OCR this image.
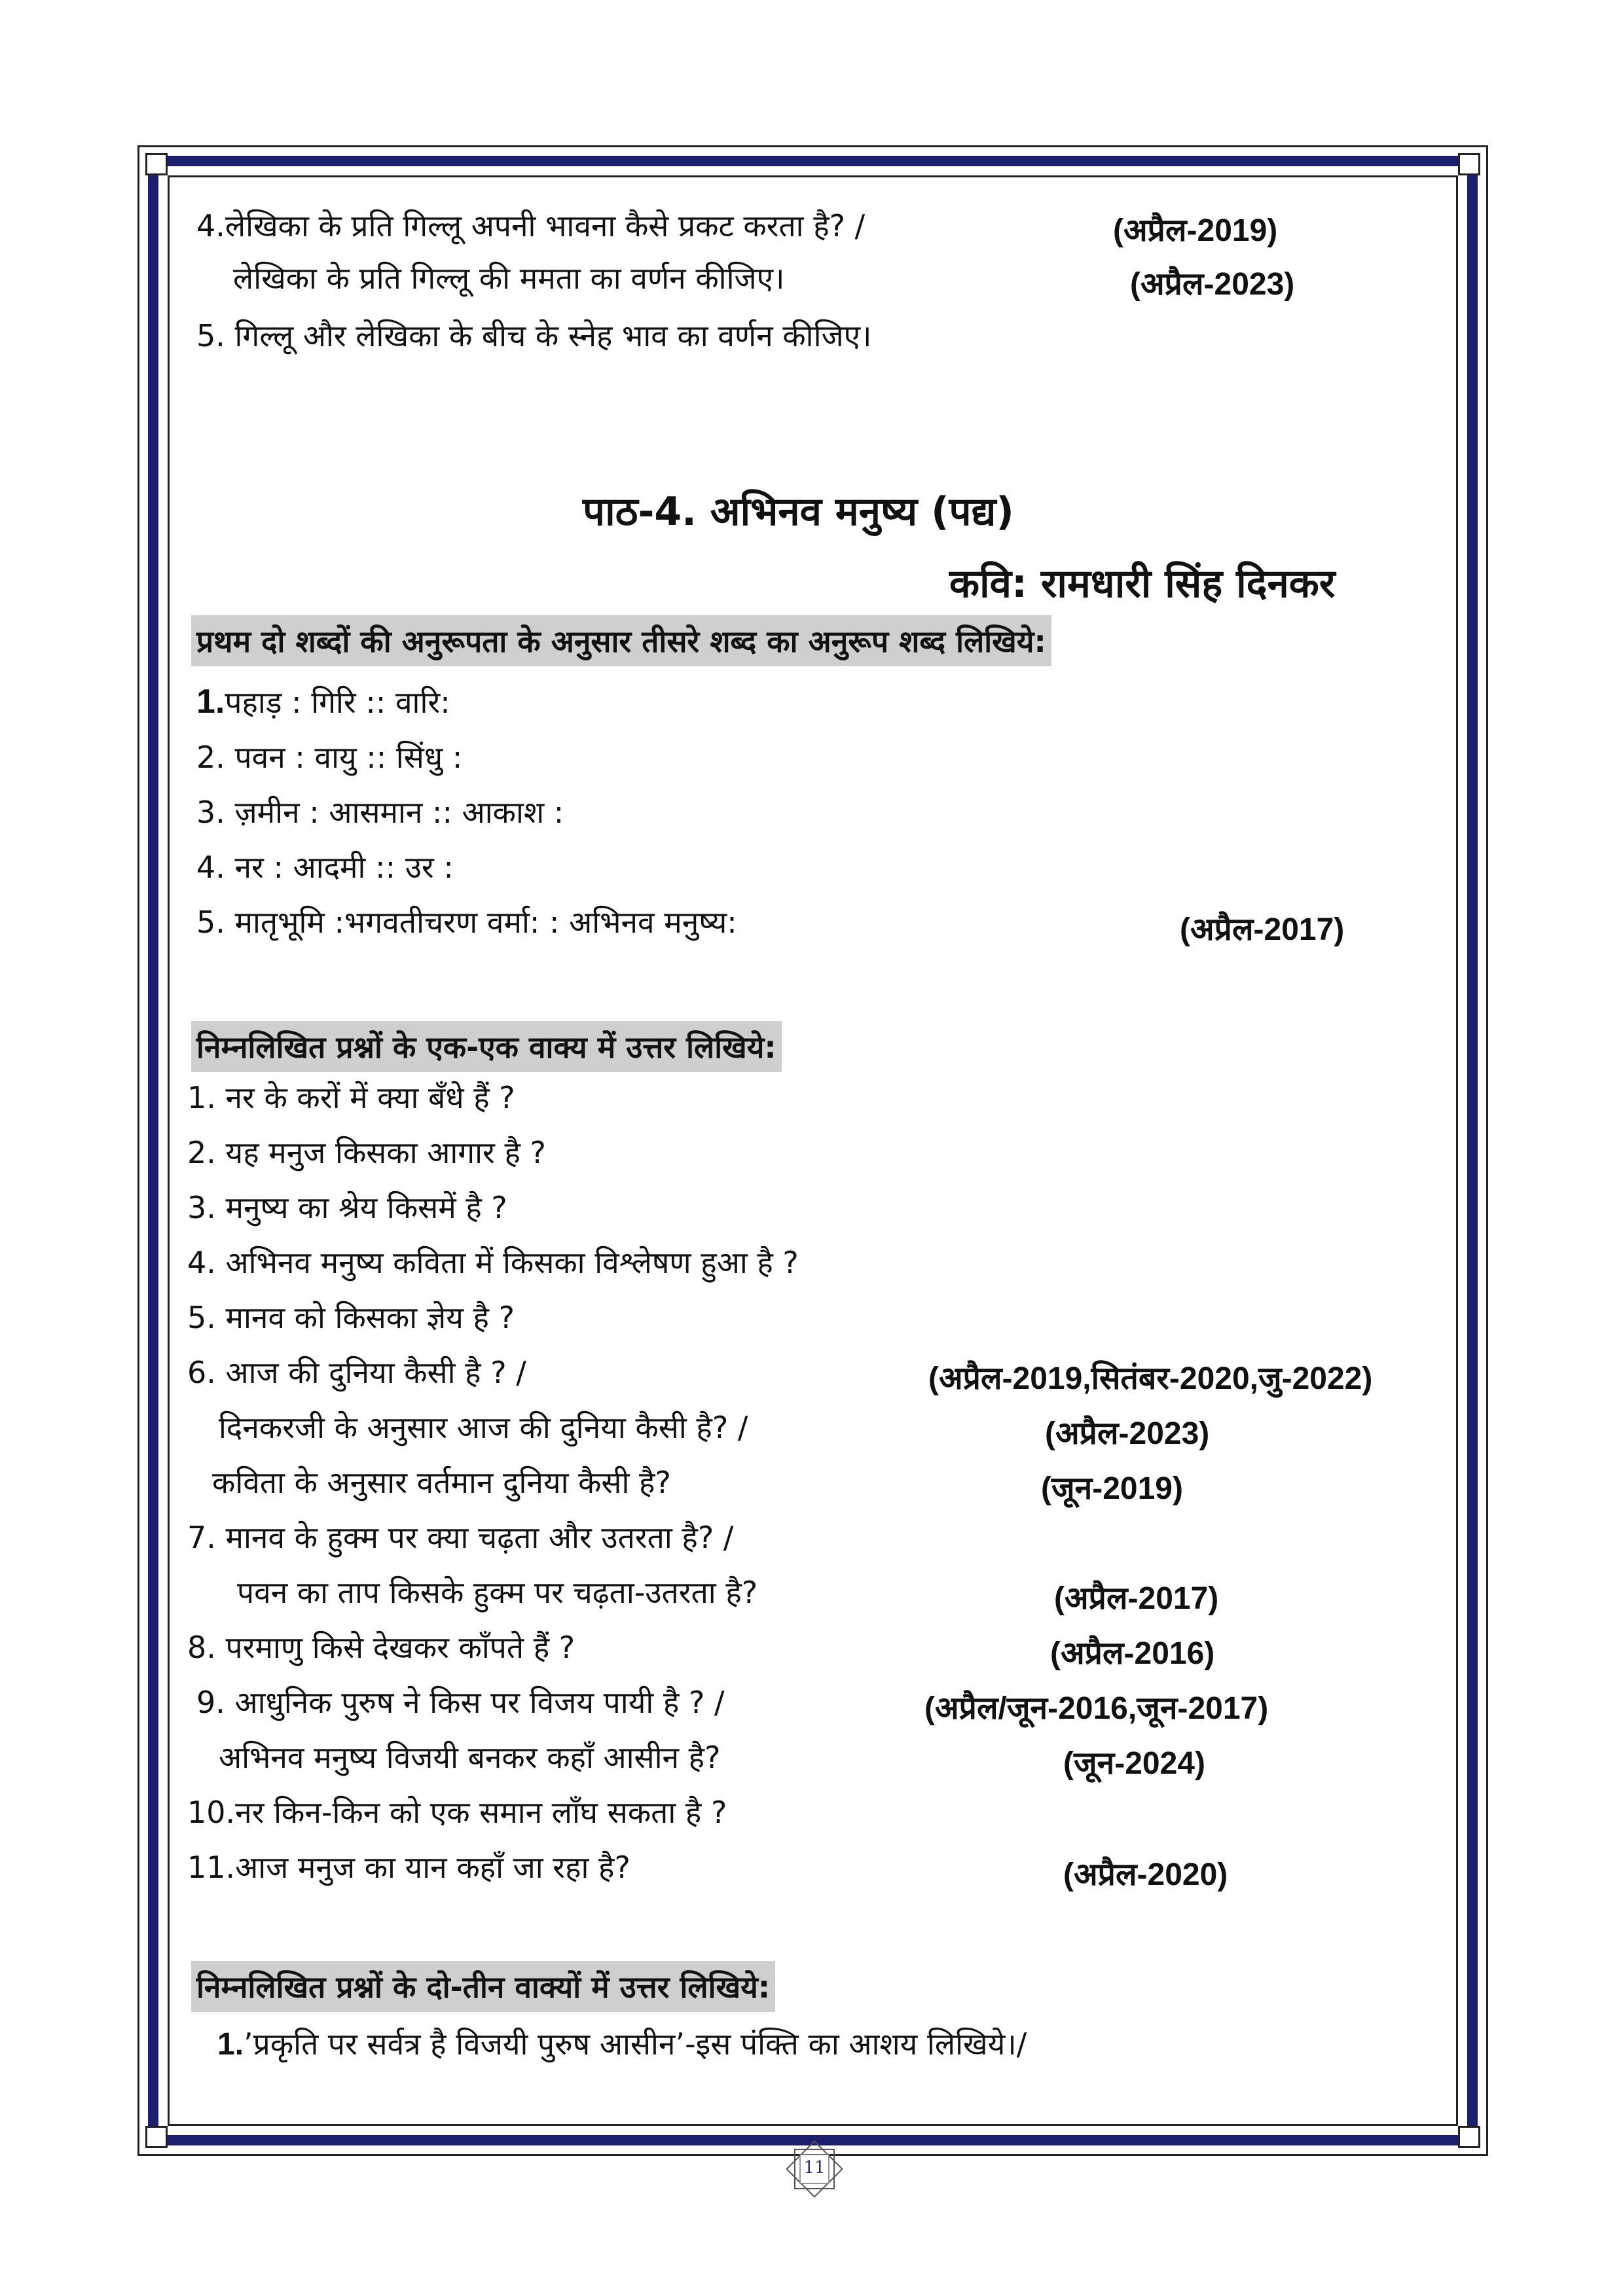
4.लेखिका के प्रति गिल्लू अपनी भावना कैसे प्रकट करता है? /	(अप्रैल-2019)
लेखिका के प्रति गिल्लू की ममता का वर्णन कीजिए।	(अप्रैल-2023)
5. गिल्लू और लेखिका के बीच के स्नेह भाव का वर्णन कीजिए।
पाठ-4. अभिनव मनुष्य (पद्य)
कवि: रामधारी सिंह दिनकर
प्रथम दो शब्दों की अनुरूपता के अनुसार तीसरे शब्द का अनुरूप शब्द लिखिये:
1.पहाड़ : गिरि :: वारि:
2. पवन : वायु :: सिंधु :
3. ज़मीन : आसमान :: आकाश :
4. नर : आदमी :: उर :
5. मातृभूमि :भगवतीचरण वर्मा: : अभिनव मनुष्य:	(अप्रैल-2017)
निम्नलिखित प्रश्नों के एक-एक वाक्य में उत्तर लिखिये:
1. नर के करों में क्या बँधे हैं ?
2. यह मनुज किसका आगार है ?
3. मनुष्य का श्रेय किसमें है ?
4. अभिनव मनुष्य कविता में किसका विश्लेषण हुआ है ?
5. मानव को किसका ज्ञेय है ?
6. आज की दुनिया कैसी है ? /	(अप्रैल-2019,सितंबर-2020,जु-2022)
दिनकरजी के अनुसार आज की दुनिया कैसी है? /	(अप्रैल-2023)
कविता के अनुसार वर्तमान दुनिया कैसी है?	(जून-2019)
7. मानव के हुक्म पर क्या चढ़ता और उतरता है? /
पवन का ताप किसके हुक्म पर चढ़ता-उतरता है?	(अप्रैल-2017)
8. परमाणु किसे देखकर काँपते हैं ?	(अप्रैल-2016)
9. आधुनिक पुरुष ने किस पर विजय पायी है ? /	(अप्रैल/जून-2016,जून-2017)
अभिनव मनुष्य विजयी बनकर कहाँ आसीन है?	(जून-2024)
10.नर किन-किन को एक समान लाँघ सकता है ?
11.आज मनुज का यान कहाँ जा रहा है?	(अप्रैल-2020)
निम्नलिखित प्रश्नों के दो-तीन वाक्यों में उत्तर लिखिये:
1.’प्रकृति पर सर्वत्र है विजयी पुरुष आसीन’-इस पंक्ति का आशय लिखिये।/
11
